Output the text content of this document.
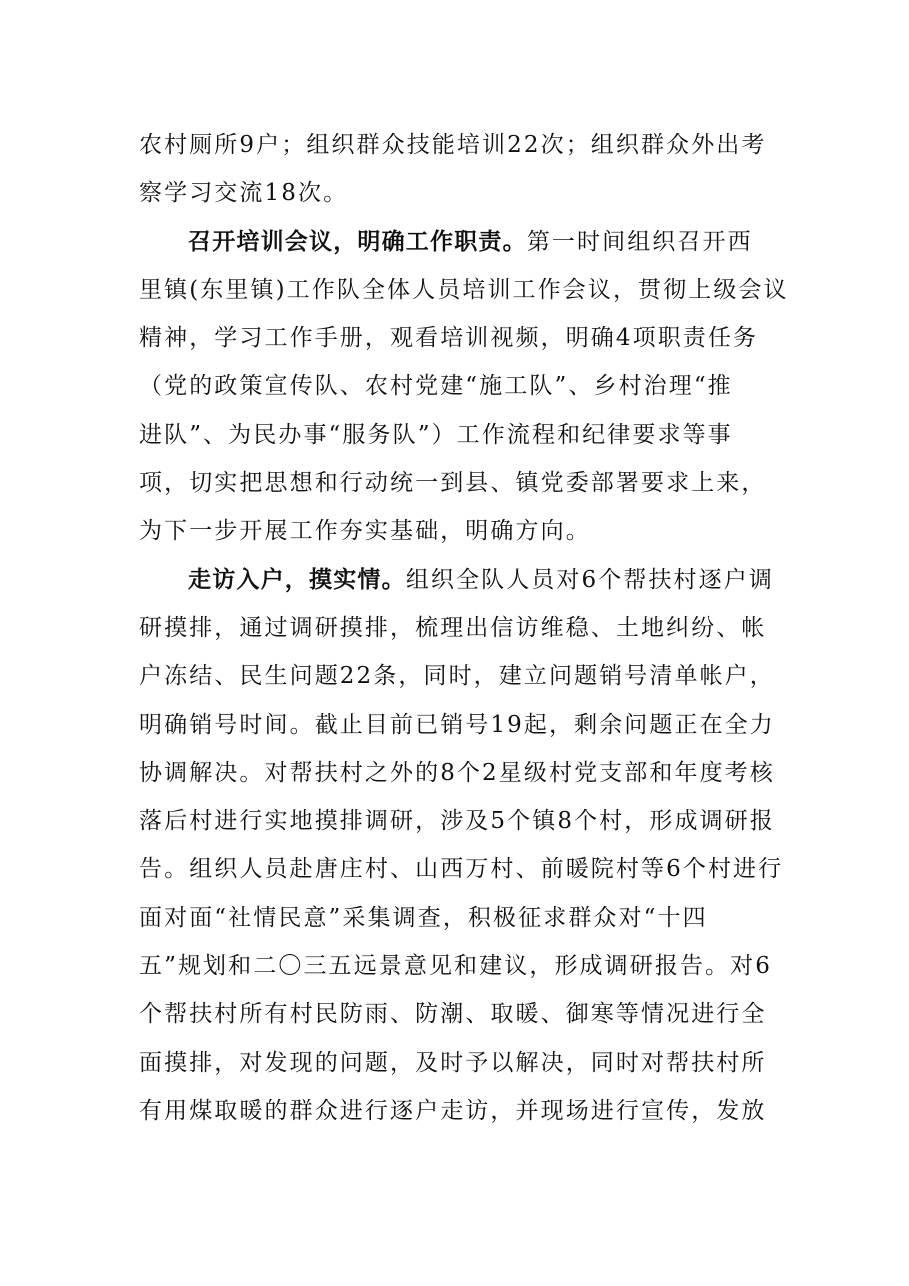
农村厕所9户；组织群众技能培训22次；组织群众外出考
察学习交流18次。
召开培训会议，明确工作职责。第一时间组织召开西
里镇(东里镇)工作队全体人员培训工作会议，贯彻上级会议
精神，学习工作手册，观看培训视频，明确4项职责任务
（党的政策宣传队、农村党建“施工队”、乡村治理“推
进队”、为民办事“服务队”）工作流程和纪律要求等事
项，切实把思想和行动统一到县、镇党委部署要求上来，
为下一步开展工作夯实基础，明确方向。
走访入户，摸实情。组织全队人员对6个帮扶村逐户调
研摸排，通过调研摸排，梳理出信访维稳、土地纠纷、帐
户冻结、民生问题22条，同时，建立问题销号清单帐户，
明确销号时间。截止目前已销号19起，剩余问题正在全力
协调解决。对帮扶村之外的8个2星级村党支部和年度考核
落后村进行实地摸排调研，涉及5个镇8个村，形成调研报
告。组织人员赴唐庄村、山西万村、前暖院村等6个村进行
面对面“社情民意”采集调查，积极征求群众对“十四
五”规划和二〇三五远景意见和建议，形成调研报告。对6
个帮扶村所有村民防雨、防潮、取暖、御寒等情况进行全
面摸排，对发现的问题，及时予以解决，同时对帮扶村所
有用煤取暖的群众进行逐户走访，并现场进行宣传，发放
